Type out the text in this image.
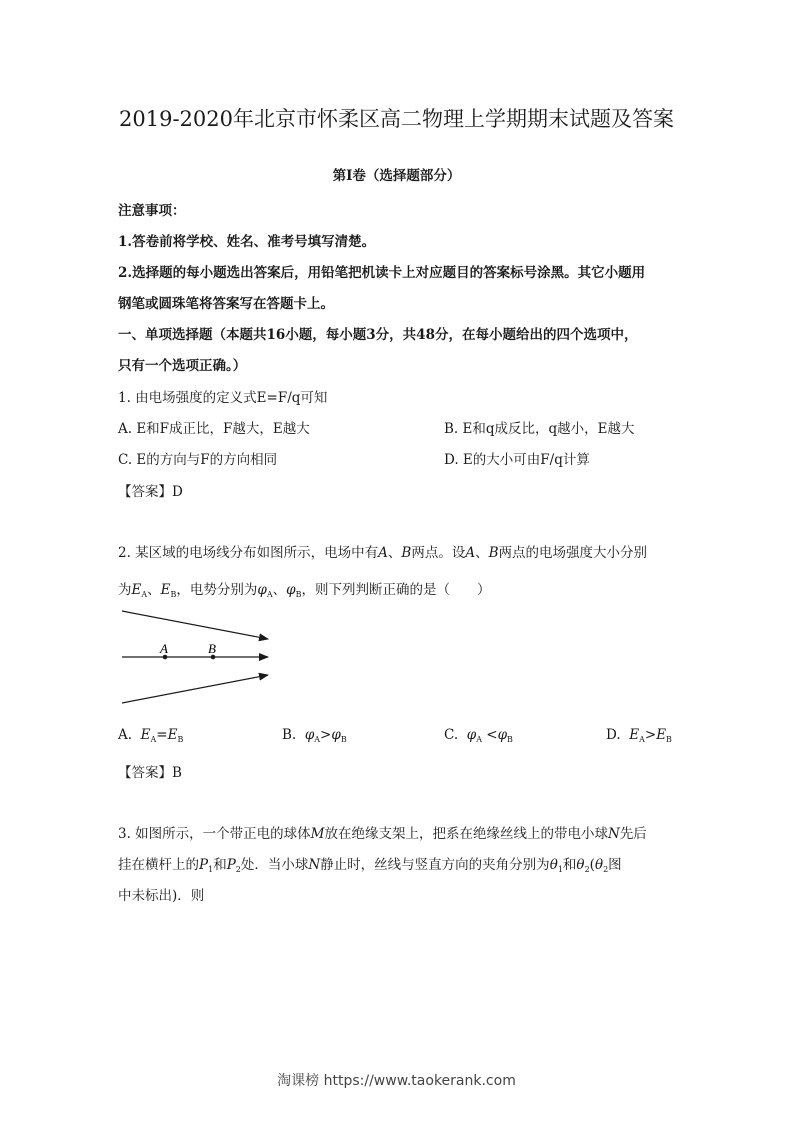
2019-2020年北京市怀柔区高二物理上学期期末试题及答案
第Ⅰ卷（选择题部分）
注意事项：
1.答卷前将学校、姓名、准考号填写清楚。
2.选择题的每小题选出答案后，用铅笔把机读卡上对应题目的答案标号涂黑。其它小题用
钢笔或圆珠笔将答案写在答题卡上。
一、单项选择题（本题共16小题，每小题3分，共48分，在每小题给出的四个选项中，
只有一个选项正确。）
1. 由电场强度的定义式E=F/q可知
A. E和F成正比，F越大，E越大	B. E和q成反比，q越小，E越大
C. E的方向与F的方向相同	D. E的大小可由F/q计算
【答案】D
2. 某区域的电场线分布如图所示，电场中有A、B两点。设A、B两点的电场强度大小分别
为$E_A$、$E_B$，电势分别为$\varphi_A$、$\varphi_B$，则下列判断正确的是（　　）
A	B
A. $E_A=E_B$	B. $\varphi_A>\varphi_B$	C. $\varphi_A <\varphi_B$	D. $E_A>E_B$
【答案】B
3. 如图所示，一个带正电的球体M放在绝缘支架上，把系在绝缘丝线上的带电小球N先后
挂在横杆上的$P_1$和$P_2$处．当小球N静止时，丝线与竖直方向的夹角分别为$\theta_1$和$\theta_2(\theta_2$图
中未标出)．则
淘课榜 https://www.taokerank.com
